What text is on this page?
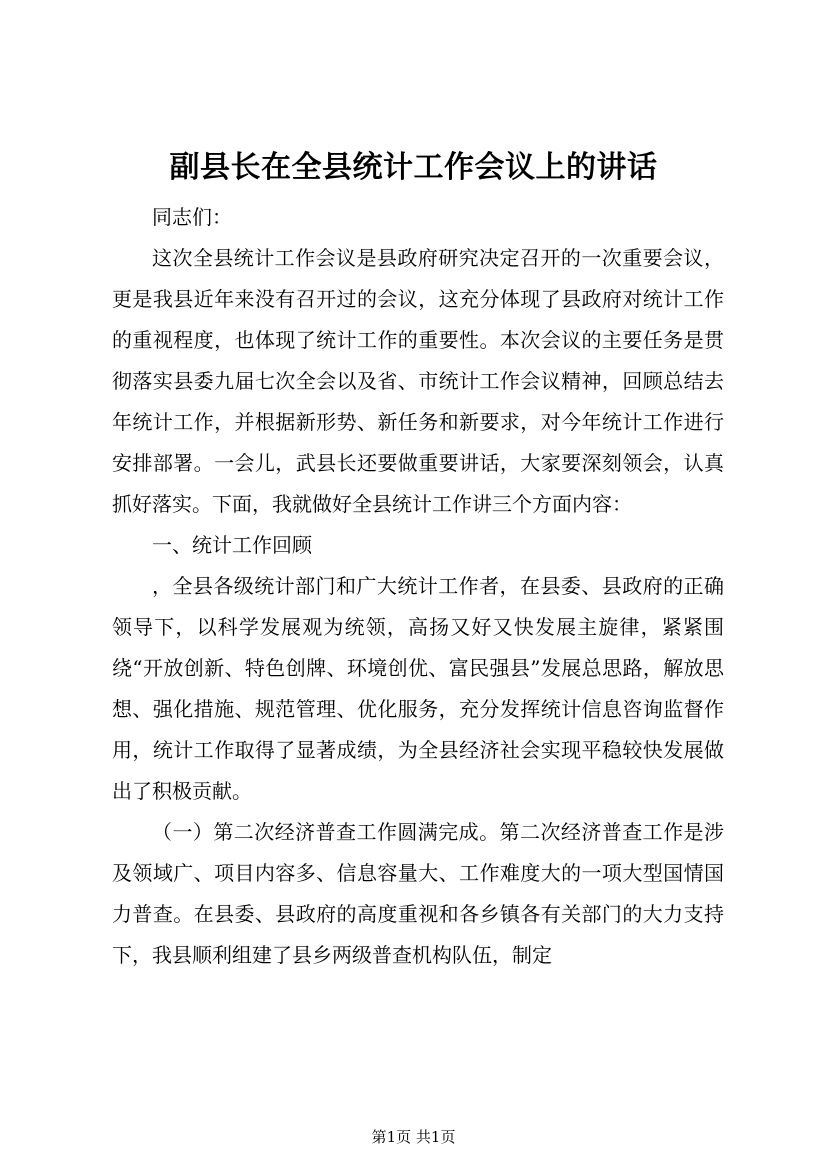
副县长在全县统计工作会议上的讲话

同志们：

这次全县统计工作会议是县政府研究决定召开的一次重要会议，更是我县近年来没有召开过的会议，这充分体现了县政府对统计工作的重视程度，也体现了统计工作的重要性。本次会议的主要任务是贯彻落实县委九届七次全会以及省、市统计工作会议精神，回顾总结去年统计工作，并根据新形势、新任务和新要求，对今年统计工作进行安排部署。一会儿，武县长还要做重要讲话，大家要深刻领会，认真抓好落实。下面，我就做好全县统计工作讲三个方面内容：

一、统计工作回顾

，全县各级统计部门和广大统计工作者，在县委、县政府的正确领导下，以科学发展观为统领，高扬又好又快发展主旋律，紧紧围绕“开放创新、特色创牌、环境创优、富民强县”发展总思路，解放思想、强化措施、规范管理、优化服务，充分发挥统计信息咨询监督作用，统计工作取得了显著成绩，为全县经济社会实现平稳较快发展做出了积极贡献。

（一）第二次经济普查工作圆满完成。第二次经济普查工作是涉及领域广、项目内容多、信息容量大、工作难度大的一项大型国情国力普查。在县委、县政府的高度重视和各乡镇各有关部门的大力支持下，我县顺利组建了县乡两级普查机构队伍，制定

第1页 共1页
